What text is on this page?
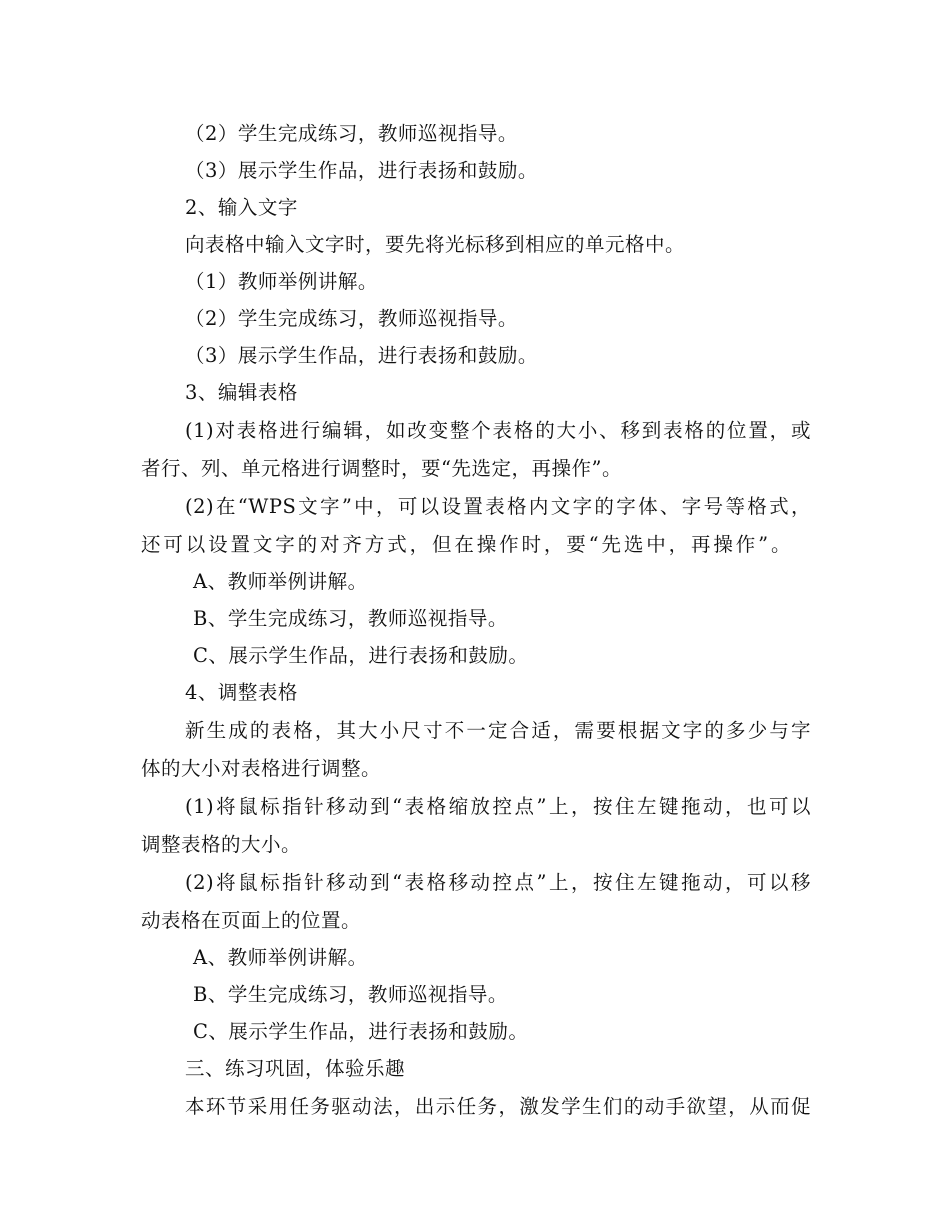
（2）学生完成练习，教师巡视指导。
（3）展示学生作品，进行表扬和鼓励。
2、输入文字
向表格中输入文字时，要先将光标移到相应的单元格中。
（1）教师举例讲解。
（2）学生完成练习，教师巡视指导。
（3）展示学生作品，进行表扬和鼓励。
3、编辑表格
(1)对表格进行编辑，如改变整个表格的大小、移到表格的位置，或
者行、列、单元格进行调整时，要“先选定，再操作”。
(2)在“WPS文字”中，可以设置表格内文字的字体、字号等格式，
还可以设置文字的对齐方式，但在操作时，要“先选中，再操作”。
A、教师举例讲解。
B、学生完成练习，教师巡视指导。
C、展示学生作品，进行表扬和鼓励。
4、调整表格
新生成的表格，其大小尺寸不一定合适，需要根据文字的多少与字
体的大小对表格进行调整。
(1)将鼠标指针移动到“表格缩放控点”上，按住左键拖动，也可以
调整表格的大小。
(2)将鼠标指针移动到“表格移动控点”上，按住左键拖动，可以移
动表格在页面上的位置。
A、教师举例讲解。
B、学生完成练习，教师巡视指导。
C、展示学生作品，进行表扬和鼓励。
三、练习巩固，体验乐趣
本环节采用任务驱动法，出示任务，激发学生们的动手欲望，从而促
